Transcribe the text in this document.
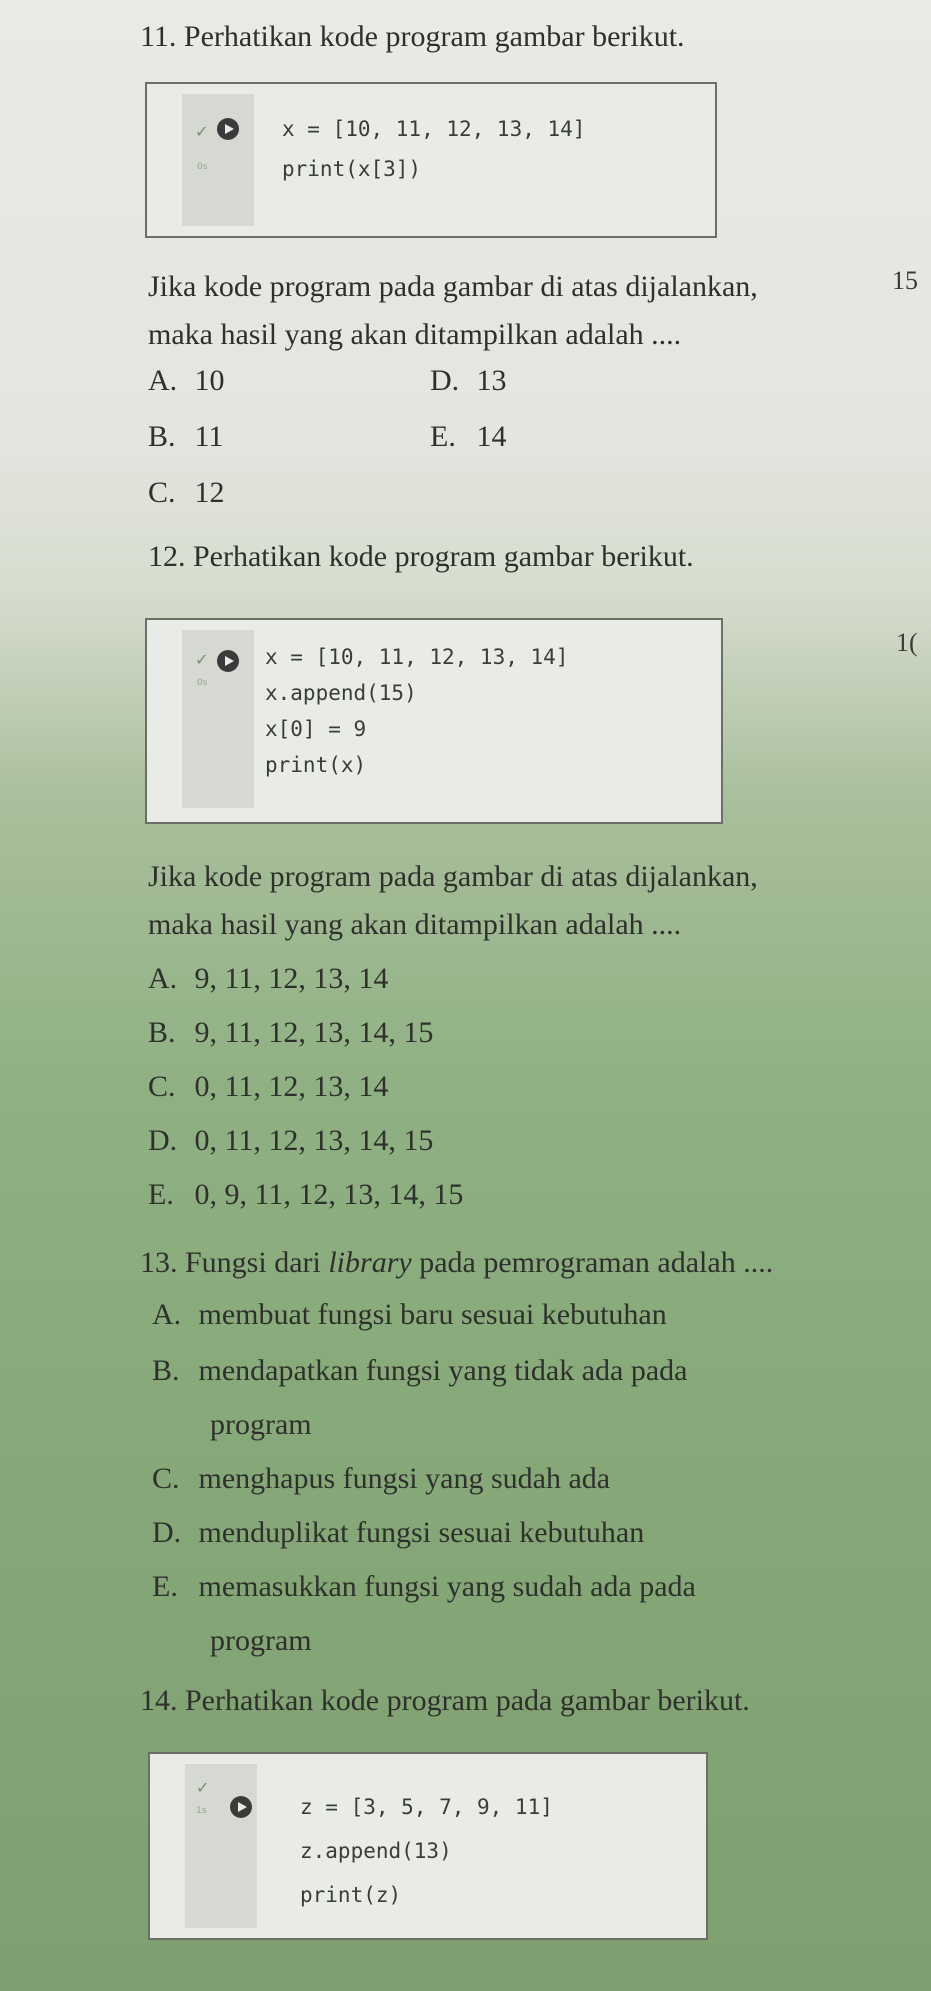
11. Perhatikan kode program gambar berikut.
✓
0s
x = [10, 11, 12, 13, 14]
print(x[3])
Jika kode program pada gambar di atas dijalankan,
maka hasil yang akan ditampilkan adalah ....
15
A. 10	D. 13
B. 11	E. 14
C. 12
12. Perhatikan kode program gambar berikut.
1(
✓
0s
x = [10, 11, 12, 13, 14]
x.append(15)
x[0] = 9
print(x)
Jika kode program pada gambar di atas dijalankan,
maka hasil yang akan ditampilkan adalah ....
A. 9, 11, 12, 13, 14
B. 9, 11, 12, 13, 14, 15
C. 0, 11, 12, 13, 14
D. 0, 11, 12, 13, 14, 15
E. 0, 9, 11, 12, 13, 14, 15
13. Fungsi dari library pada pemrograman adalah ....
A. membuat fungsi baru sesuai kebutuhan
B. mendapatkan fungsi yang tidak ada pada
program
C. menghapus fungsi yang sudah ada
D. menduplikat fungsi sesuai kebutuhan
E. memasukkan fungsi yang sudah ada pada
program
14. Perhatikan kode program pada gambar berikut.
✓
1s	z = [3, 5, 7, 9, 11]
z.append(13)
print(z)
